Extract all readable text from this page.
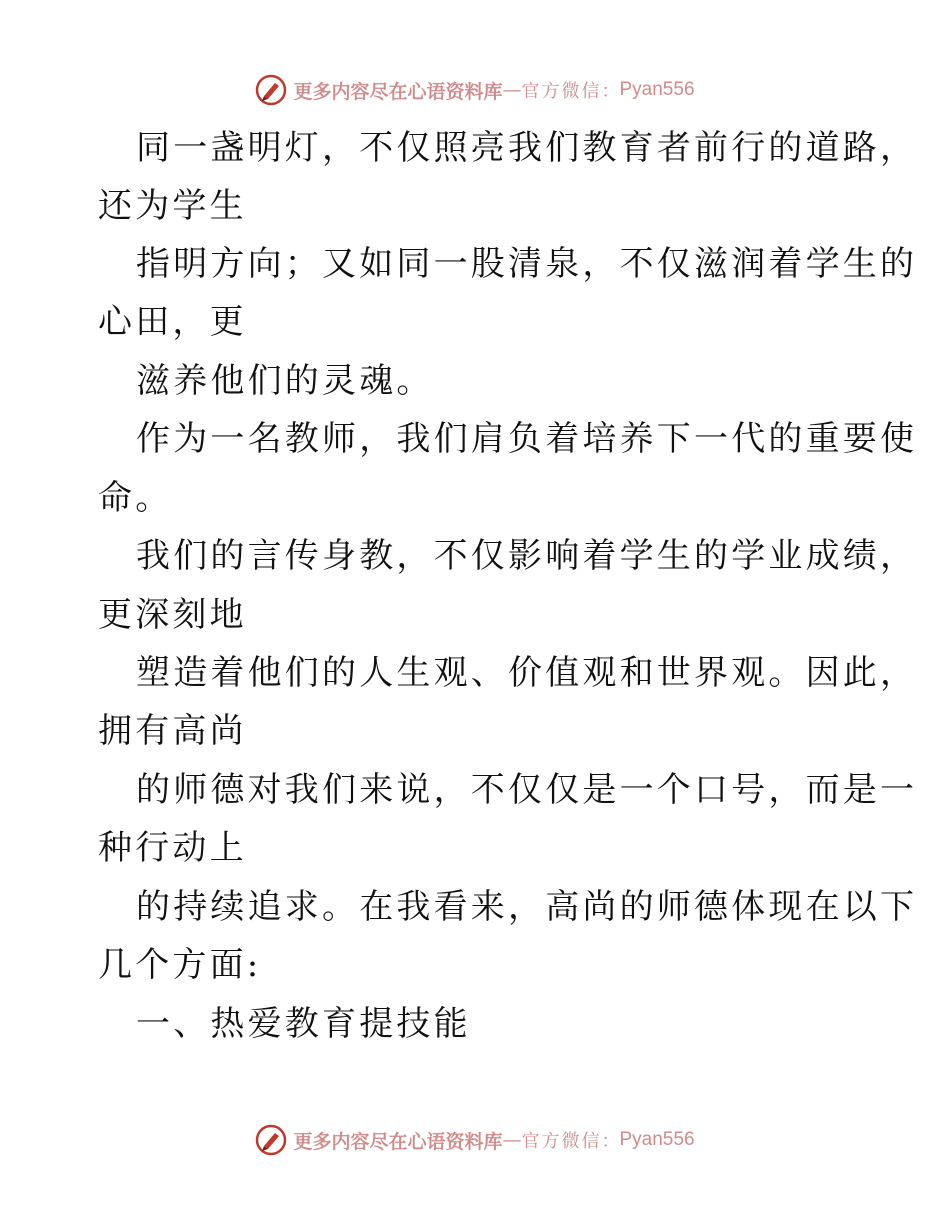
更多内容尽在心语资料库 — 官方微信 ： Pyan556
同一盏明灯，不仅照亮我们教育者前行的道路，
还为学生
指明方向；又如同一股清泉，不仅滋润着学生的
心田，更
滋养他们的灵魂。
作为一名教师，我们肩负着培养下一代的重要使
命。
我们的言传身教，不仅影响着学生的学业成绩，
更深刻地
塑造着他们的人生观、价值观和世界观。因此，
拥有高尚
的师德对我们来说，不仅仅是一个口号，而是一
种行动上
的持续追求。在我看来，高尚的师德体现在以下
几个方面:
一、热爱教育提技能
更多内容尽在心语资料库 — 官方微信 ： Pyan556
